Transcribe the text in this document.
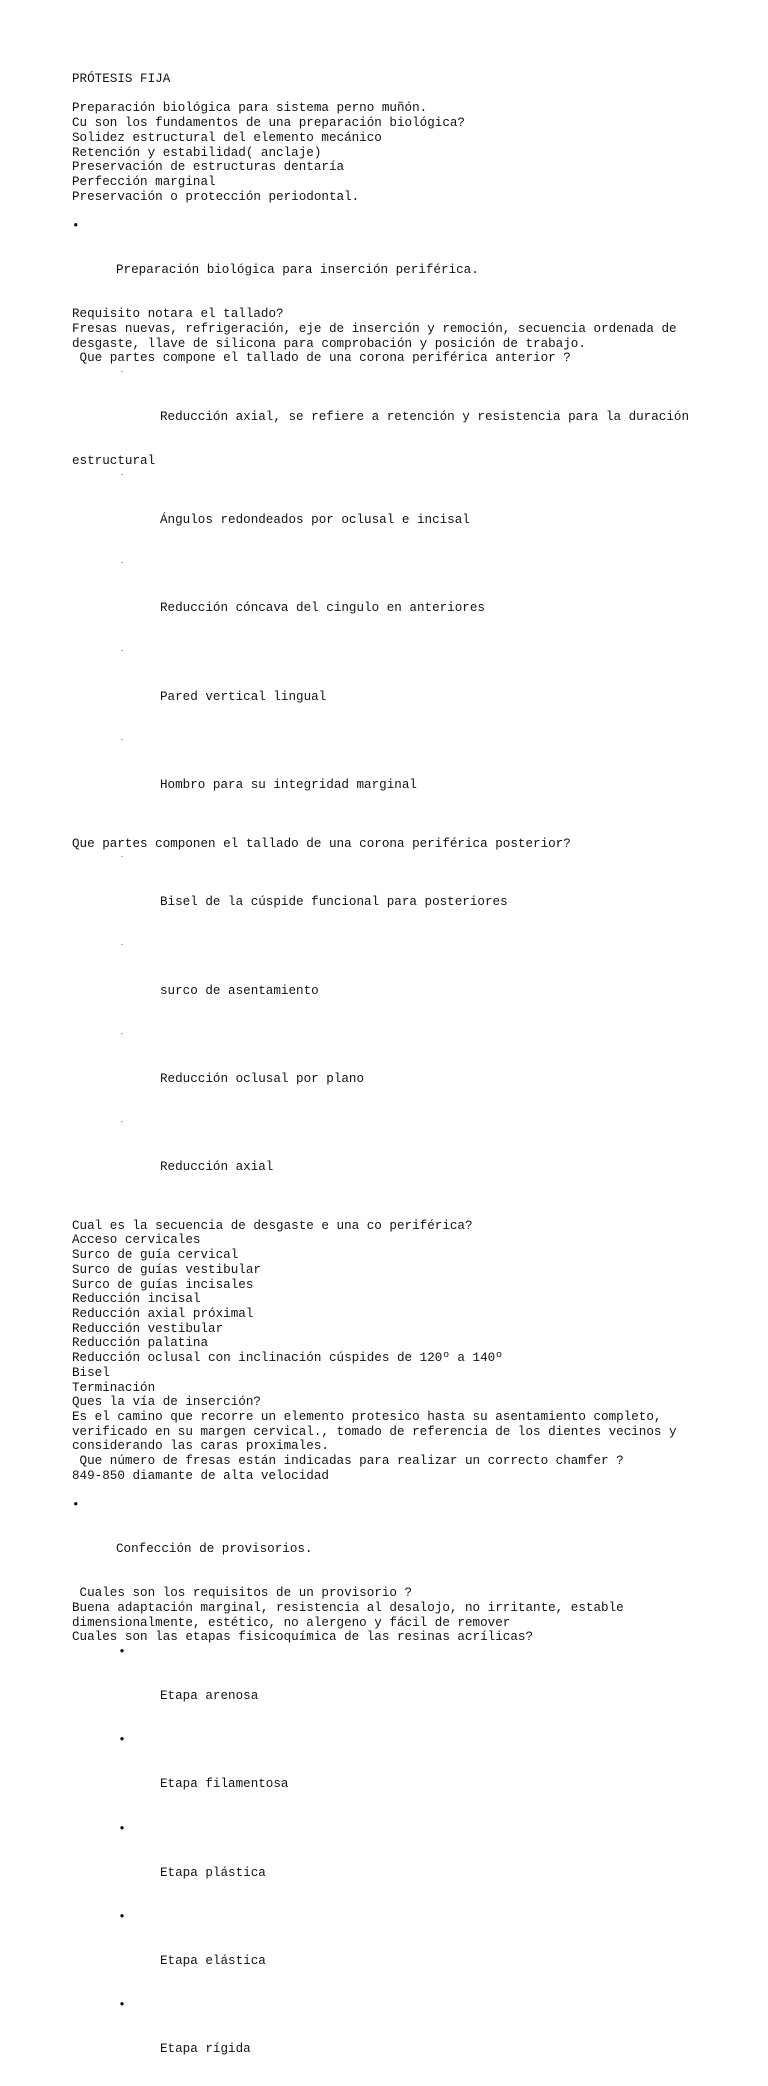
PRÓTESIS FIJA
Preparación biológica para sistema perno muñón.
Cu son los fundamentos de una preparación biológica?
Solidez estructural del elemento mecánico
Retención y estabilidad( anclaje)
Preservación de estructuras dentaría
Perfección marginal
Preservación o protección periodontal.

•

Preparación biológica para inserción periférica.

Requisito notara el tallado?
Fresas nuevas, refrigeración, eje de inserción y remoción, secuencia ordenada de
desgaste, llave de silicona para comprobación y posición de trabajo.
Que partes compone el tallado de una corona periférica anterior ?

-

Reducción axial, se refiere a retención y resistencia para la duración

estructural

-

Ángulos redondeados por oclusal e incisal

-

Reducción cóncava del cingulo en anteriores

-

Pared vertical lingual

-

Hombro para su integridad marginal

Que partes componen el tallado de una corona periférica posterior?

-

Bisel de la cúspide funcional para posteriores

-

surco de asentamiento

-

Reducción oclusal por plano

-

Reducción axial

Cual es la secuencia de desgaste e una co periférica?
Acceso cervicales
Surco de guía cervical
Surco de guías vestibular
Surco de guías incisales
Reducción incisal
Reducción axial próximal
Reducción vestibular
Reducción palatina
Reducción oclusal con inclinación cúspides de 120º a 140º
Bisel
Terminación
Ques la vía de inserción?
Es el camino que recorre un elemento protesico hasta su asentamiento completo,
verificado en su margen cervical., tomado de referencia de los dientes vecinos y
considerando las caras proximales.
Que número de fresas están indicadas para realizar un correcto chamfer ?
849-850 diamante de alta velocidad

•

Confección de provisorios.

Cuales son los requisitos de un provisorio ?
Buena adaptación marginal, resistencia al desalojo, no irritante, estable
dimensionalmente, estético, no alergeno y fácil de remover
Cuales son las etapas fisicoquímica de las resinas acrílicas?

•

Etapa arenosa

•

Etapa filamentosa

•

Etapa plástica

•

Etapa elástica

•

Etapa rígida
